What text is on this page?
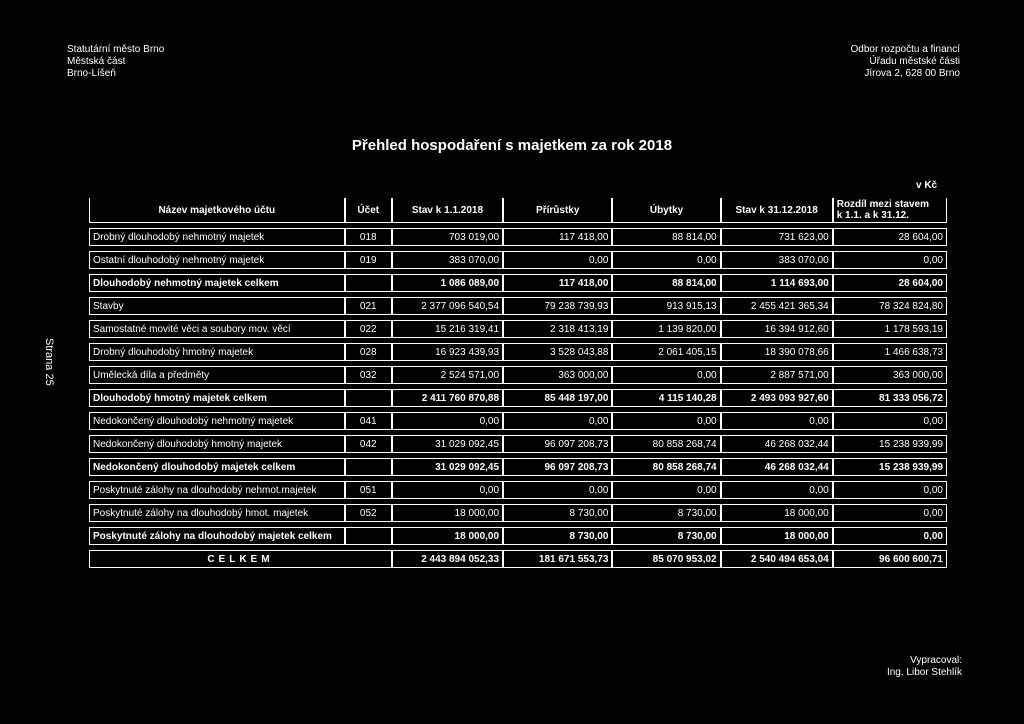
Statutární město Brno
Městská část
Brno-Líšeň
Odbor rozpočtu a financí
Úřadu městské části
Jírova 2, 628 00 Brno
Přehled hospodaření s majetkem za rok 2018
v Kč
Strana 25
Název majetkového účtu	Účet	Stav k 1.1.2018	Přírůstky	Úbytky	Stav k 31.12.2018	Rozdíl mezi stavem
k 1.1. a k 31.12.

Drobný dlouhodobý nehmotný majetek	018	703 019,00	117 418,00	88 814,00	731 623,00	28 604,00
Ostatní dlouhodobý nehmotný majetek	019	383 070,00	0,00	0,00	383 070,00	0,00
Dlouhodobý nehmotný majetek celkem		1 086 089,00	117 418,00	88 814,00	1 114 693,00	28 604,00
Stavby	021	2 377 096 540,54	79 238 739,93	913 915,13	2 455 421 365,34	78 324 824,80
Samostatné movité věci a soubory mov. věcí	022	15 216 319,41	2 318 413,19	1 139 820,00	16 394 912,60	1 178 593,19
Drobný dlouhodobý hmotný majetek	028	16 923 439,93	3 528 043,88	2 061 405,15	18 390 078,66	1 466 638,73
Umělecká díla a předměty	032	2 524 571,00	363 000,00	0,00	2 887 571,00	363 000,00
Dlouhodobý hmotný majetek celkem		2 411 760 870,88	85 448 197,00	4 115 140,28	2 493 093 927,60	81 333 056,72
Nedokončený dlouhodobý nehmotný majetek	041	0,00	0,00	0,00	0,00	0,00
Nedokončený dlouhodobý hmotný majetek	042	31 029 092,45	96 097 208,73	80 858 268,74	46 268 032,44	15 238 939,99
Nedokončený dlouhodobý majetek celkem		31 029 092,45	96 097 208,73	80 858 268,74	46 268 032,44	15 238 939,99
Poskytnuté zálohy na dlouhodobý nehmot.majetek	051	0,00	0,00	0,00	0,00	0,00
Poskytnuté zálohy na dlouhodobý hmot. majetek	052	18 000,00	8 730,00	8 730,00	18 000,00	0,00
Poskytnuté zálohy na dlouhodobý majetek celkem		18 000,00	8 730,00	8 730,00	18 000,00	0,00
CELKEM		2 443 894 052,33	181 671 553,73	85 070 953,02	2 540 494 653,04	96 600 600,71
Vypracoval:
Ing. Libor Stehlík
